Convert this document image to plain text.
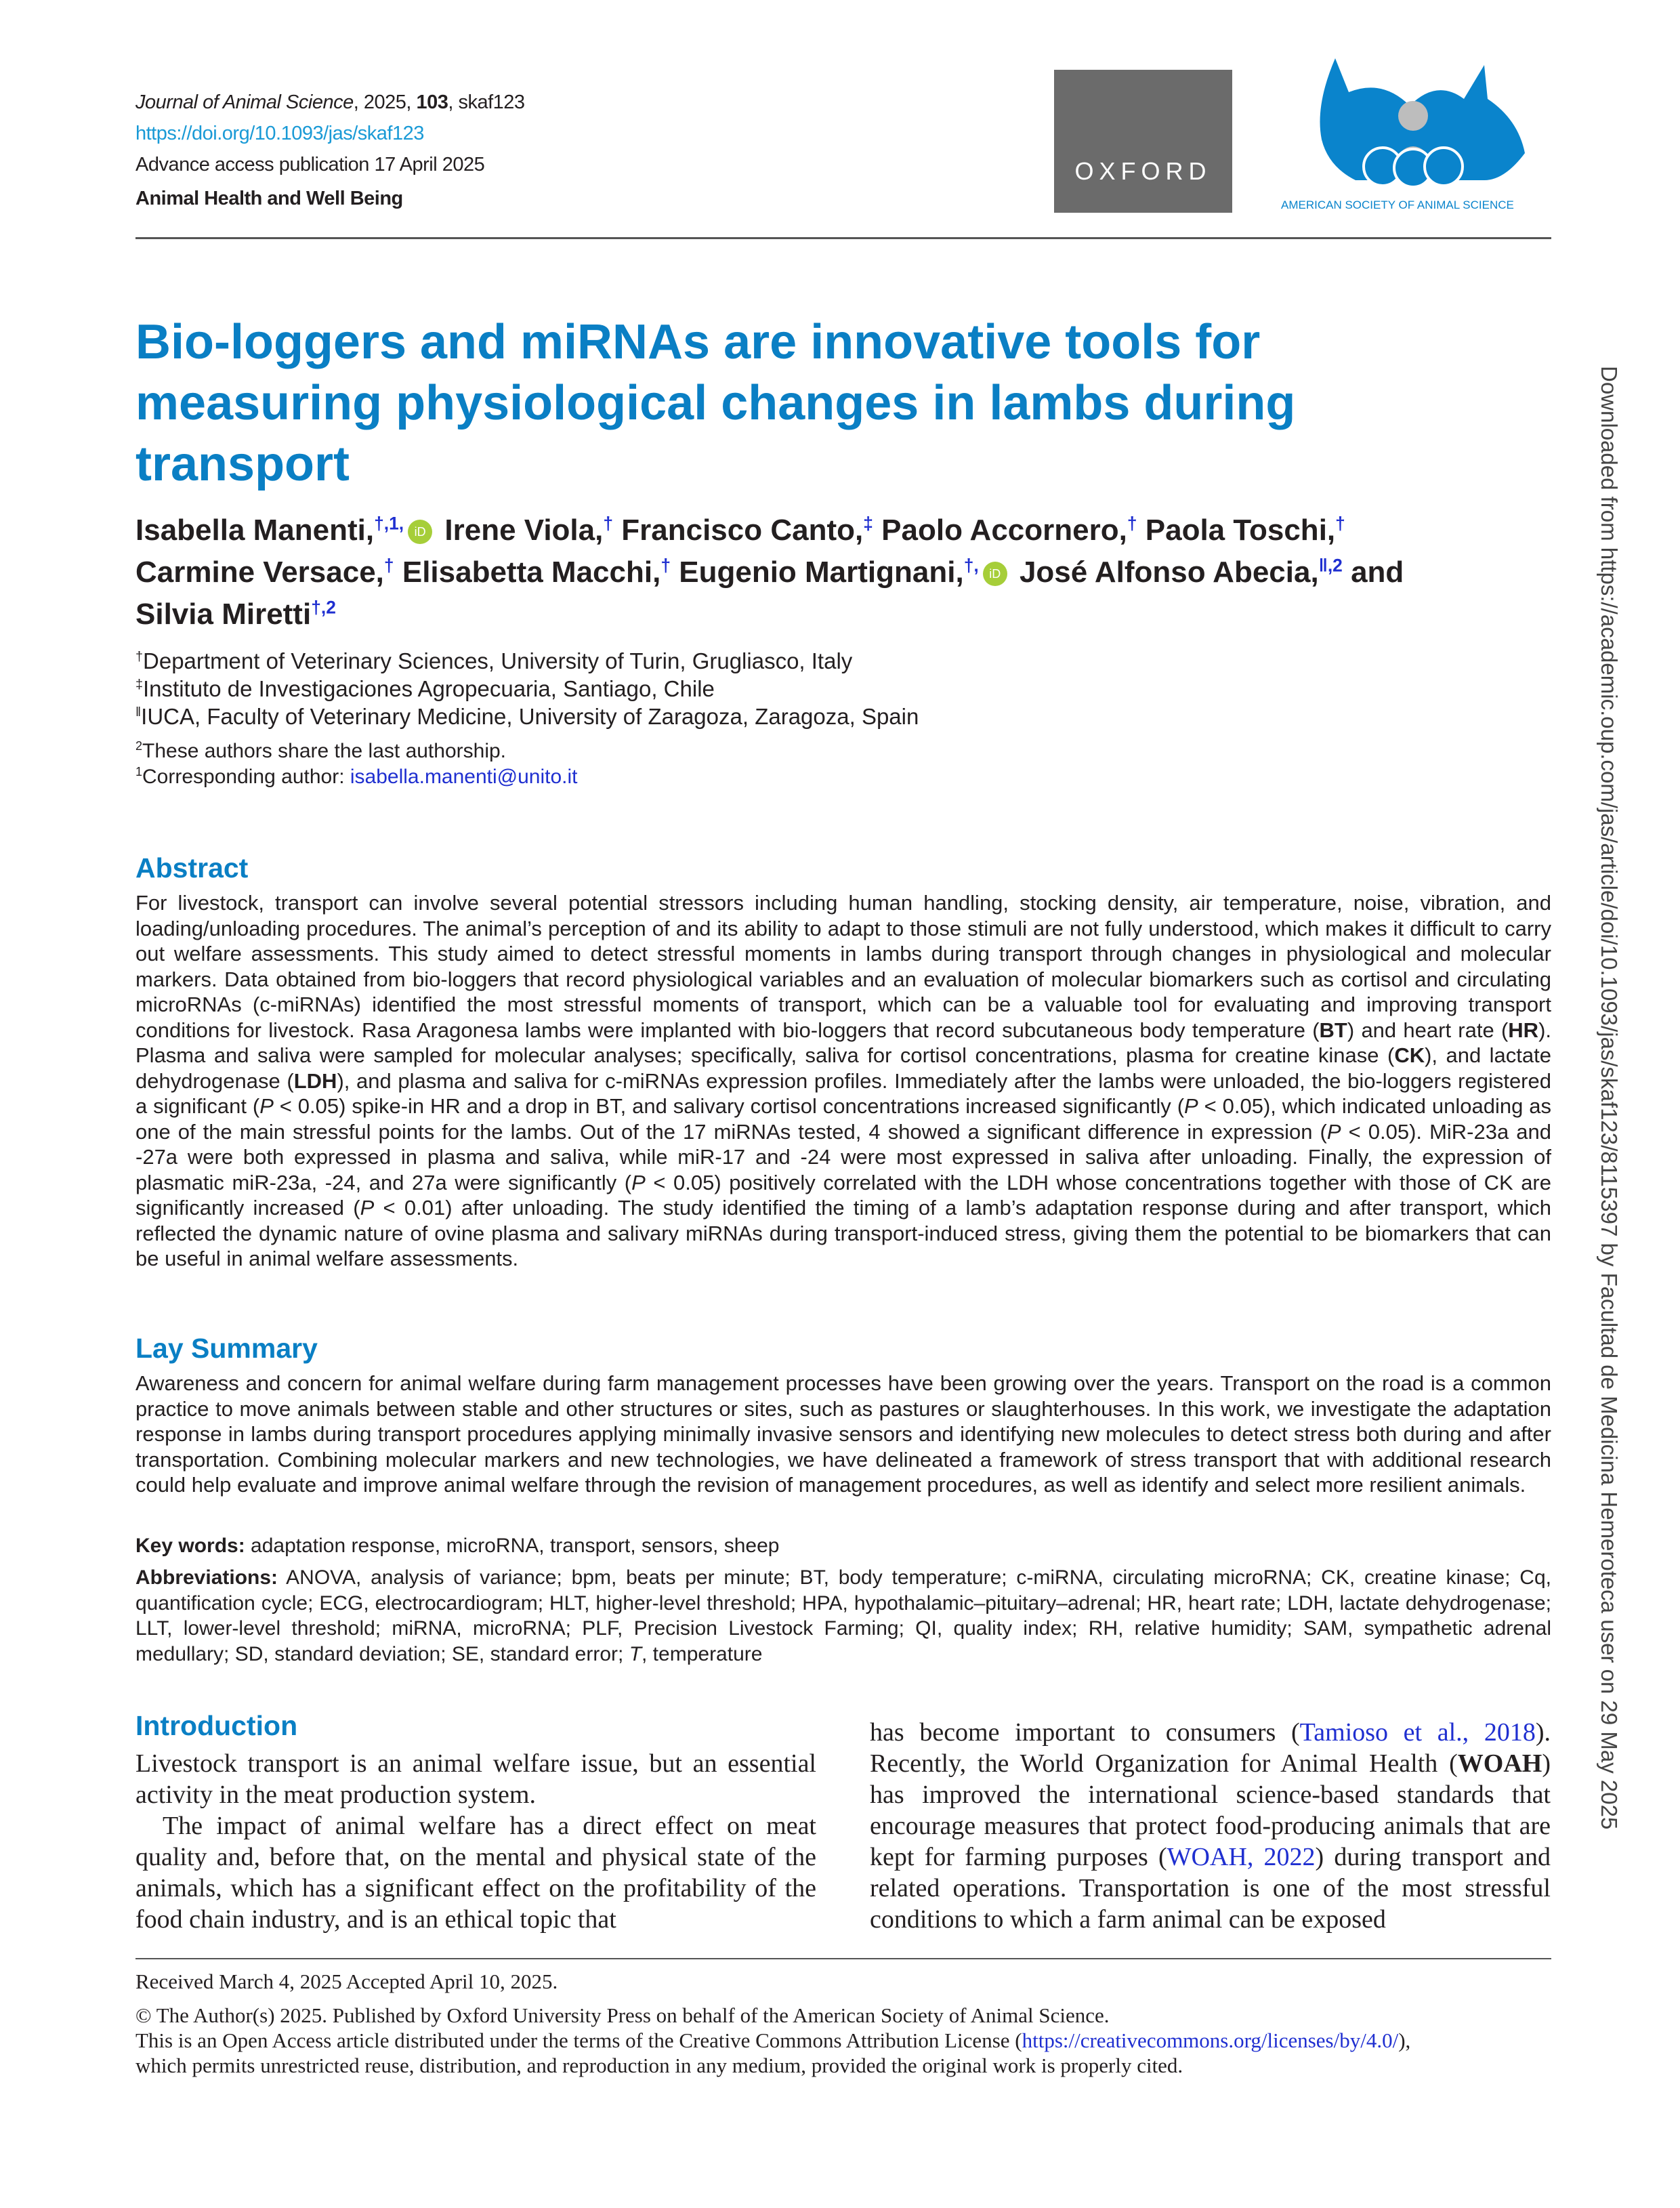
Journal of Animal Science, 2025, 103, skaf123
https://doi.org/10.1093/jas/skaf123
Advance access publication 17 April 2025
Animal Health and Well Being
OXFORD
AMERICAN SOCIETY OF ANIMAL SCIENCE
Bio-loggers and miRNAs are innovative tools for measuring physiological changes in lambs during transport
Isabella Manenti,$^{\dagger,1,}$ iD Irene Viola,† Francisco Canto,‡ Paolo Accornero,† Paola Toschi,†
Carmine Versace,† Elisabetta Macchi,† Eugenio Martignani,†, iD José Alfonso Abecia,$^{‖,2}$ and
Silvia Miretti$^{\dagger,2}$
†Department of Veterinary Sciences, University of Turin, Grugliasco, Italy
‡Instituto de Investigaciones Agropecuaria, Santiago, Chile
‖IUCA, Faculty of Veterinary Medicine, University of Zaragoza, Zaragoza, Spain
$^2$These authors share the last authorship.
$^1$Corresponding author: isabella.manenti@unito.it
Abstract
For livestock, transport can involve several potential stressors including human handling, stocking density, air temperature, noise, vibration, and loading/unloading procedures. The animal’s perception of and its ability to adapt to those stimuli are not fully understood, which makes it difficult to carry out welfare assessments. This study aimed to detect stressful moments in lambs during transport through changes in physiological and molecular markers. Data obtained from bio-loggers that record physiological variables and an evaluation of molecular biomarkers such as cortisol and circulating microRNAs (c-miRNAs) identified the most stressful moments of transport, which can be a valuable tool for evaluating and improving transport conditions for livestock. Rasa Aragonesa lambs were implanted with bio-loggers that record subcutaneous body temperature (BT) and heart rate (HR). Plasma and saliva were sampled for molecular analyses; specifically, saliva for cortisol concentrations, plasma for creatine kinase (CK), and lactate dehydrogenase (LDH), and plasma and saliva for c-miRNAs expression profiles. Immediately after the lambs were unloaded, the bio-loggers registered a significant (P < 0.05) spike-in HR and a drop in BT, and salivary cortisol concentrations increased significantly (P < 0.05), which indicated unloading as one of the main stressful points for the lambs. Out of the 17 miRNAs tested, 4 showed a significant difference in expression (P < 0.05). MiR-23a and -27a were both expressed in plasma and saliva, while miR-17 and -24 were most expressed in saliva after unloading. Finally, the expression of plasmatic miR-23a, -24, and 27a were significantly (P < 0.05) positively correlated with the LDH whose concentrations together with those of CK are significantly increased (P < 0.01) after unloading. The study identified the timing of a lamb’s adaptation response during and after transport, which reflected the dynamic nature of ovine plasma and salivary miRNAs during transport-induced stress, giving them the potential to be biomarkers that can be useful in animal welfare assessments.
Lay Summary
Awareness and concern for animal welfare during farm management processes have been growing over the years. Transport on the road is a common practice to move animals between stable and other structures or sites, such as pastures or slaughterhouses. In this work, we investigate the adaptation response in lambs during transport procedures applying minimally invasive sensors and identifying new molecules to detect stress both during and after transportation. Combining molecular markers and new technologies, we have delineated a framework of stress transport that with additional research could help evaluate and improve animal welfare through the revision of management procedures, as well as identify and select more resilient animals.
Key words: adaptation response, microRNA, transport, sensors, sheep
Abbreviations: ANOVA, analysis of variance; bpm, beats per minute; BT, body temperature; c-miRNA, circulating microRNA; CK, creatine kinase; Cq, quantification cycle; ECG, electrocardiogram; HLT, higher-level threshold; HPA, hypothalamic–pituitary–adrenal; HR, heart rate; LDH, lactate dehydrogenase; LLT, lower-level threshold; miRNA, microRNA; PLF, Precision Livestock Farming; QI, quality index; RH, relative humidity; SAM, sympathetic adrenal medullary; SD, standard deviation; SE, standard error; T, temperature
Introduction

Livestock transport is an animal welfare issue, but an essential activity in the meat production system.

The impact of animal welfare has a direct effect on meat quality and, before that, on the mental and physical state of the animals, which has a significant effect on the profitability of the food chain industry, and is an ethical topic that

has become important to consumers (Tamioso et al., 2018). Recently, the World Organization for Animal Health (WOAH) has improved the international science-based standards that encourage measures that protect food-producing animals that are kept for farming purposes (WOAH, 2022) during transport and related operations. Transportation is one of the most stressful conditions to which a farm animal can be exposed

Received March 4, 2025 Accepted April 10, 2025.
© The Author(s) 2025. Published by Oxford University Press on behalf of the American Society of Animal Science.
This is an Open Access article distributed under the terms of the Creative Commons Attribution License (https://creativecommons.org/licenses/by/4.0/),
which permits unrestricted reuse, distribution, and reproduction in any medium, provided the original work is properly cited.
Downloaded from https://academic.oup.com/jas/article/doi/10.1093/jas/skaf123/8115397 by Facultad de Medicina Hemeroteca user on 29 May 2025
